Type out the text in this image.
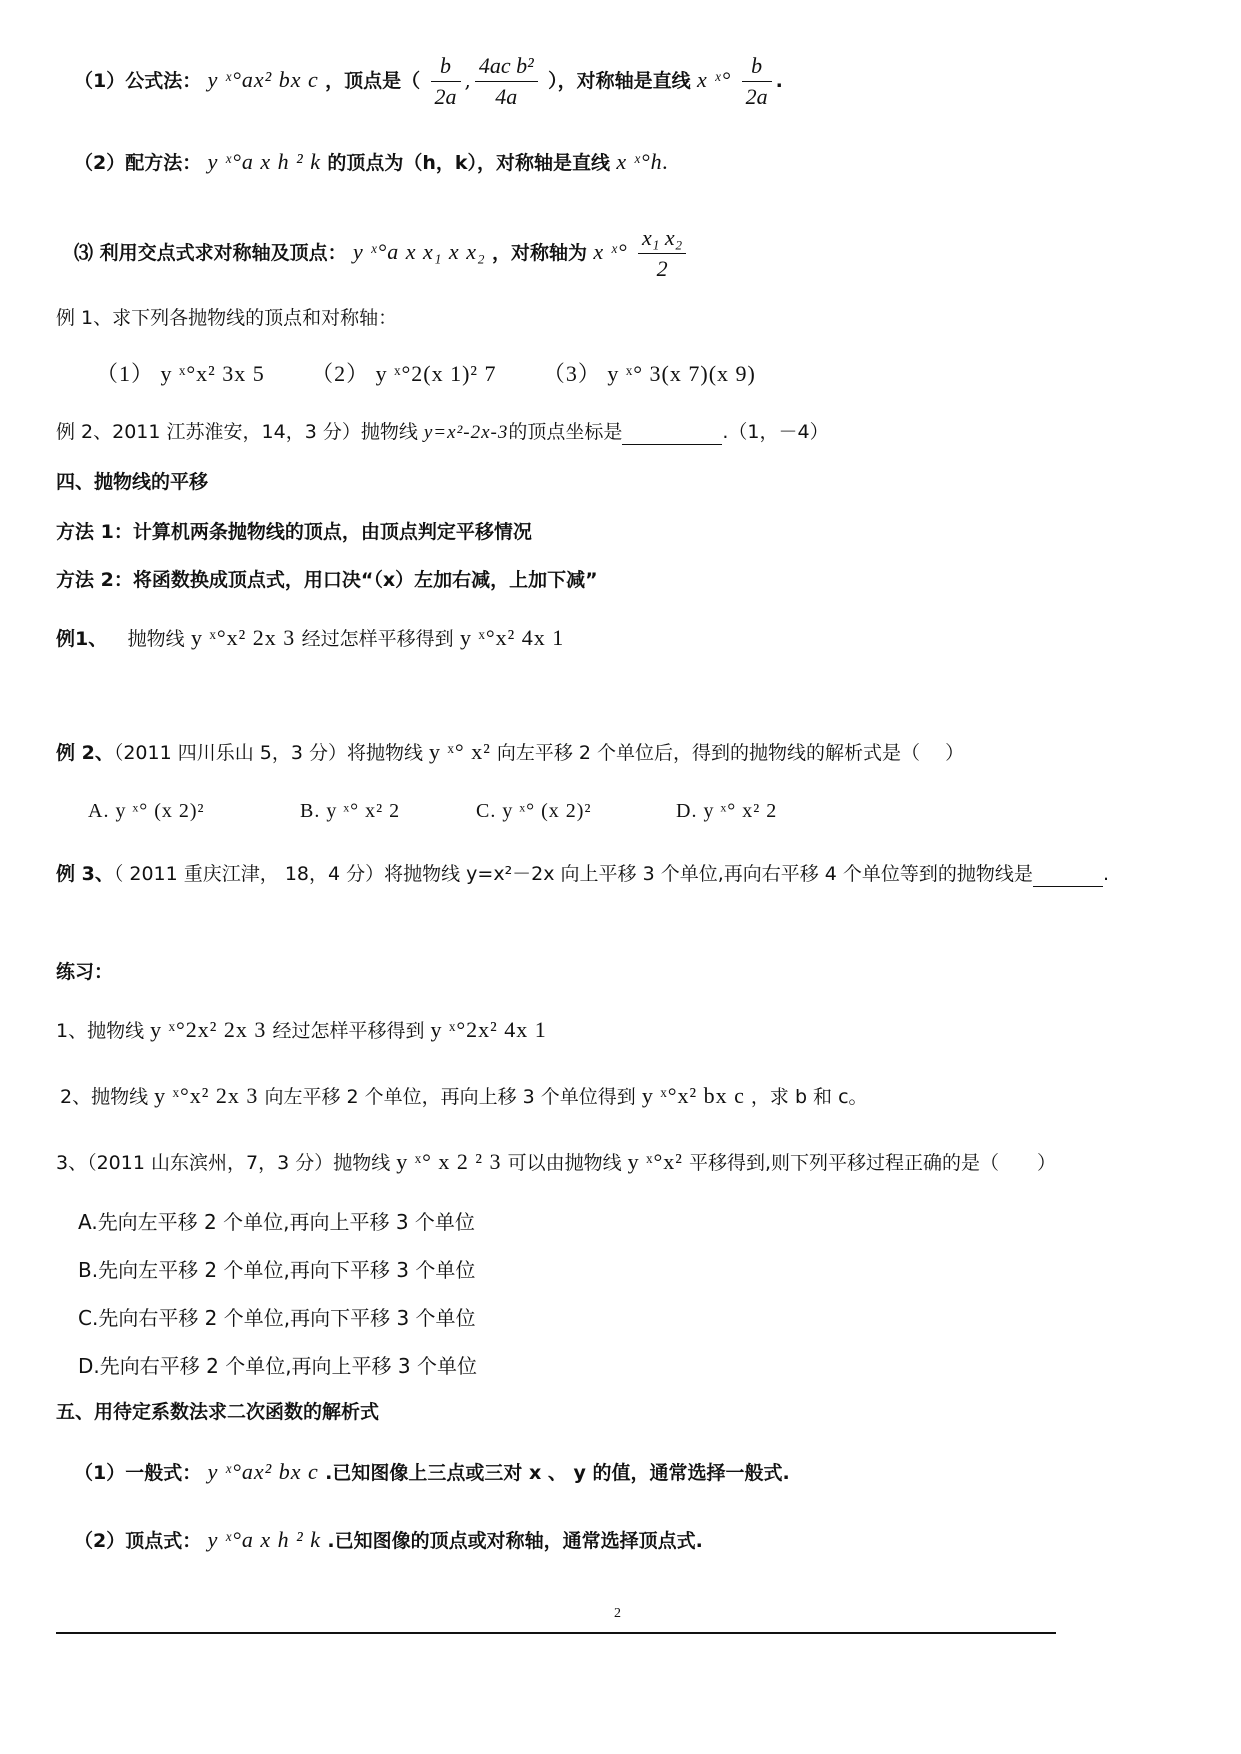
（1）公式法： y ˣ°ax² bx c ，顶点是（ $\frac{b}{2a}$ , $\frac{\text{4ac b²}}{4a}$ ），对称轴是直线 x ˣ° $\frac{b}{2a}$ .
（2）配方法： y ˣ°a x h ² k 的顶点为（h，k），对称轴是直线 x ˣ°h.
⑶ 利用交点式求对称轴及顶点： y ˣ°a x x₁ x x₂ ，对称轴为 x ˣ° $\frac{\text{x₁ x₂}}{2}$
例 1、求下列各抛物线的顶点和对称轴：
（1） y ˣ°x² 3x 5 （2） y ˣ°2(x 1)² 7 （3） y ˣ° 3(x 7)(x 9)
例 2、2011 江苏淮安，14，3 分）抛物线 y=x²-2x-3的顶点坐标是	.（1，－4）
四、抛物线的平移
方法 1：计算机两条抛物线的顶点，由顶点判定平移情况
方法 2：将函数换成顶点式，用口决“（x）左加右减，上加下减”
例1、 抛物线 y ˣ°x² 2x 3 经过怎样平移得到 y ˣ°x² 4x 1
例 2、（2011 四川乐山 5，3 分）将抛物线 y ˣ° x² 向左平移 2 个单位后，得到的抛物线的解析式是（　 ）
A. y ˣ° (x 2)²	B. y ˣ° x² 2	C. y ˣ° (x 2)²	D. y ˣ° x² 2
例 3、（ 2011 重庆江津， 18，4 分）将抛物线 y=x²－2x 向上平移 3 个单位,再向右平移 4 个单位等到的抛物线是	.
练习：
1、抛物线 y ˣ°2x² 2x 3 经过怎样平移得到 y ˣ°2x² 4x 1
2、抛物线 y ˣ°x² 2x 3 向左平移 2 个单位，再向上移 3 个单位得到 y ˣ°x² bx c ，求 b 和 c。
3、（2011 山东滨州，7，3 分）抛物线 y ˣ° x 2 ² 3 可以由抛物线 y ˣ°x² 平移得到,则下列平移过程正确的是（　　）
A.先向左平移 2 个单位,再向上平移 3 个单位
B.先向左平移 2 个单位,再向下平移 3 个单位
C.先向右平移 2 个单位,再向下平移 3 个单位
D.先向右平移 2 个单位,再向上平移 3 个单位
五、用待定系数法求二次函数的解析式
（1）一般式： y ˣ°ax² bx c .已知图像上三点或三对 x 、 y 的值，通常选择一般式.
（2）顶点式： y ˣ°a x h ² k .已知图像的顶点或对称轴，通常选择顶点式.
2
